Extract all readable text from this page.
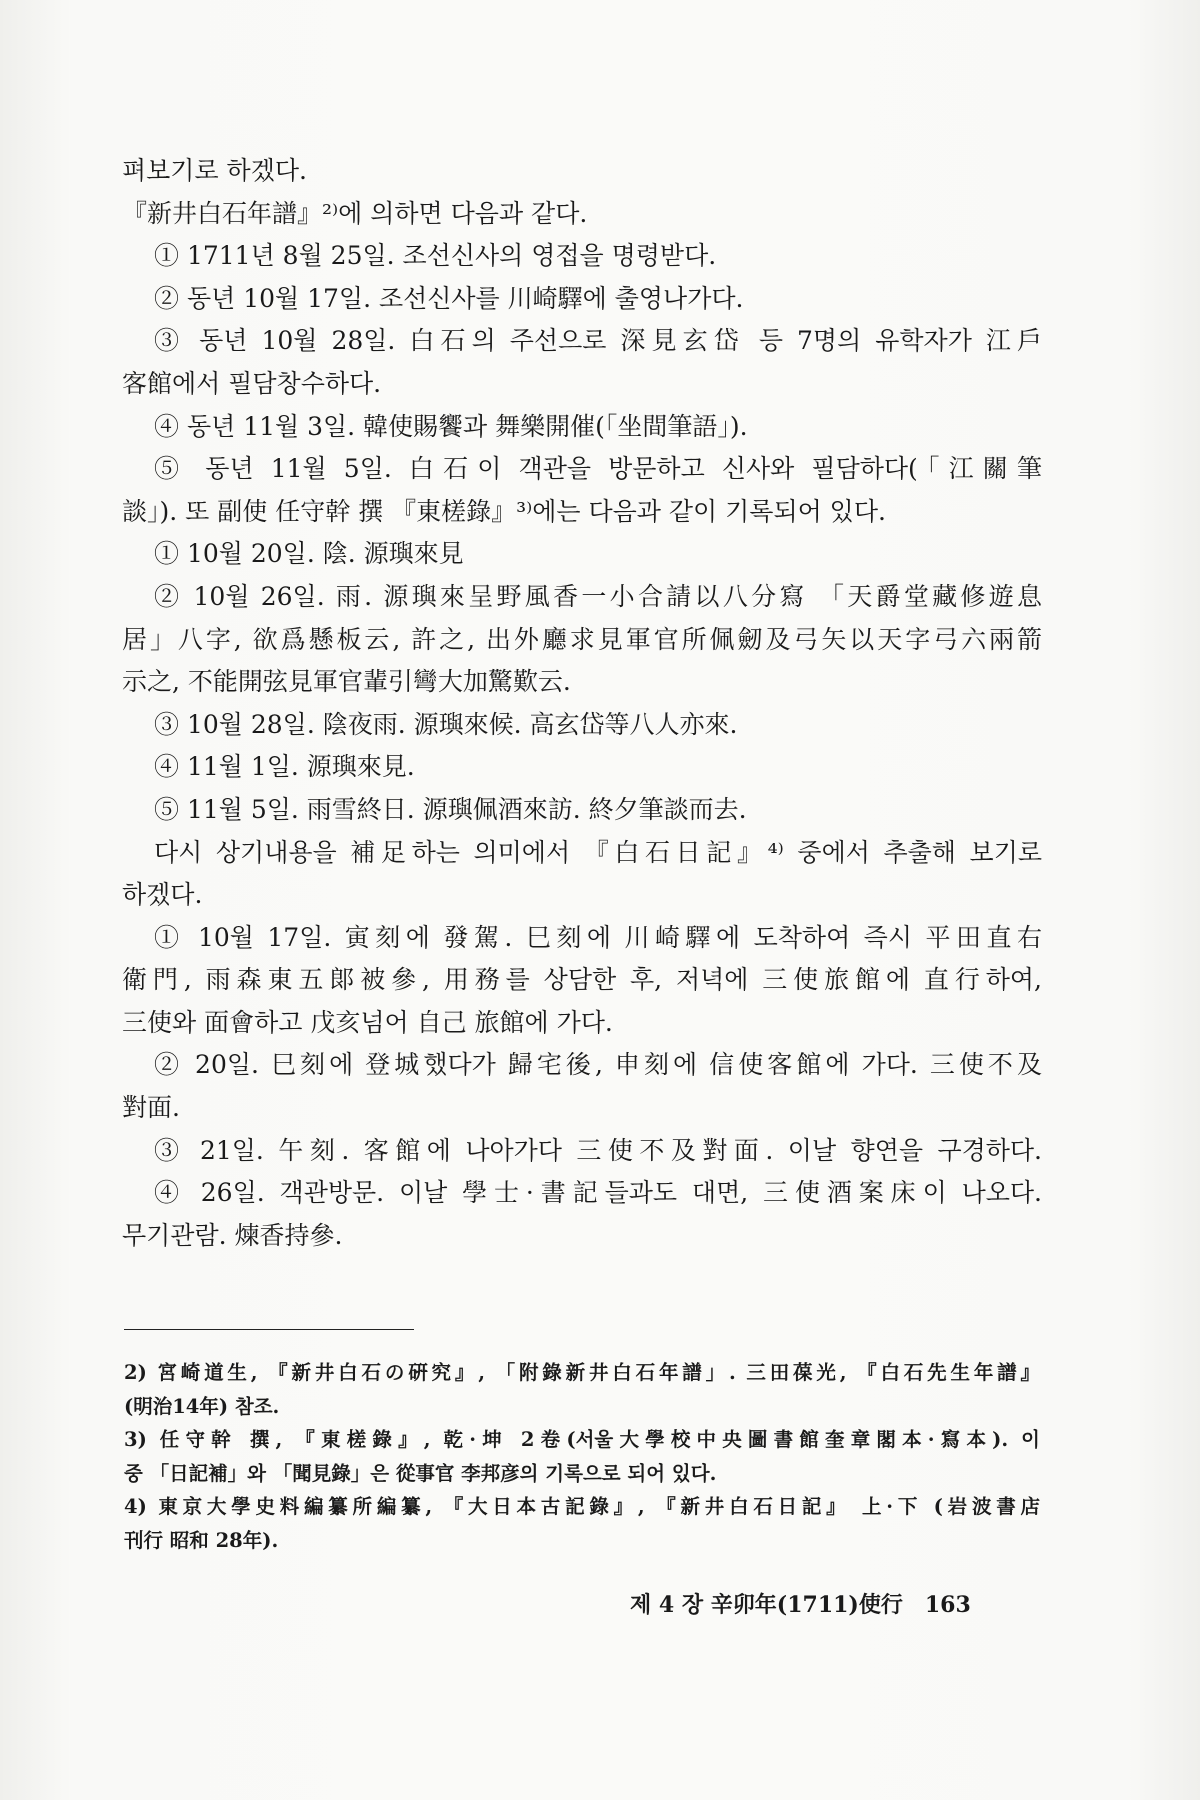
펴보기로 하겠다.
『新井白石年譜』²⁾에 의하면 다음과 같다.
① 1711년 8월 25일. 조선신사의 영접을 명령받다.
② 동년 10월 17일. 조선신사를 川崎驛에 출영나가다.
③ 동년 10월 28일. 白石의 주선으로 深見玄岱 등 7명의 유학자가 江戶
客館에서 필담창수하다.
④ 동년 11월 3일. 韓使賜饗과 舞樂開催(「坐間筆語」).
⑤ 동년 11월 5일. 白石이 객관을 방문하고 신사와 필담하다(「江關筆
談」). 또 副使 任守幹 撰 『東槎錄』³⁾에는 다음과 같이 기록되어 있다.
① 10월 20일. 陰. 源璵來見
② 10월 26일. 雨. 源璵來呈野風香一小合請以八分寫 「天爵堂藏修遊息
居」八字, 欲爲懸板云, 許之, 出外廳求見軍官所佩劒及弓矢以天字弓六兩箭
示之, 不能開弦見軍官輩引彎大加驚歎云.
③ 10월 28일. 陰夜雨. 源璵來候. 高玄岱等八人亦來.
④ 11월 1일. 源璵來見.
⑤ 11월 5일. 雨雪終日. 源璵佩酒來訪. 終夕筆談而去.
다시 상기내용을 補足하는 의미에서 『白石日記』⁴⁾ 중에서 추출해 보기로
하겠다.
① 10월 17일. 寅刻에 發駕. 巳刻에 川崎驛에 도착하여 즉시 平田直右
衛門, 雨森東五郞被參, 用務를 상담한 후, 저녁에 三使旅館에 直行하여,
三使와 面會하고 戊亥넘어 自己 旅館에 가다.
② 20일. 巳刻에 登城했다가 歸宅後, 申刻에 信使客館에 가다. 三使不及
對面.
③ 21일. 午刻. 客館에 나아가다 三使不及對面. 이날 향연을 구경하다.
④ 26일. 객관방문. 이날 學士·書記들과도 대면, 三使酒案床이 나오다.
무기관람. 煉香持參.
2) 宮崎道生, 『新井白石の硏究』, 「附錄新井白石年譜」. 三田葆光, 『白石先生年譜』
(明治14年) 참조.
3) 任守幹 撰, 『東槎錄』, 乾·坤 2卷(서울大學校中央圖書館奎章閣本·寫本). 이
중 「日記補」와 「聞見錄」은 從事官 李邦彦의 기록으로 되어 있다.
4) 東京大學史料編纂所編纂, 『大日本古記錄』, 『新井白石日記』 上·下 (岩波書店
刊行 昭和 28年).
제 4 장 辛卯年(1711)使行 163
